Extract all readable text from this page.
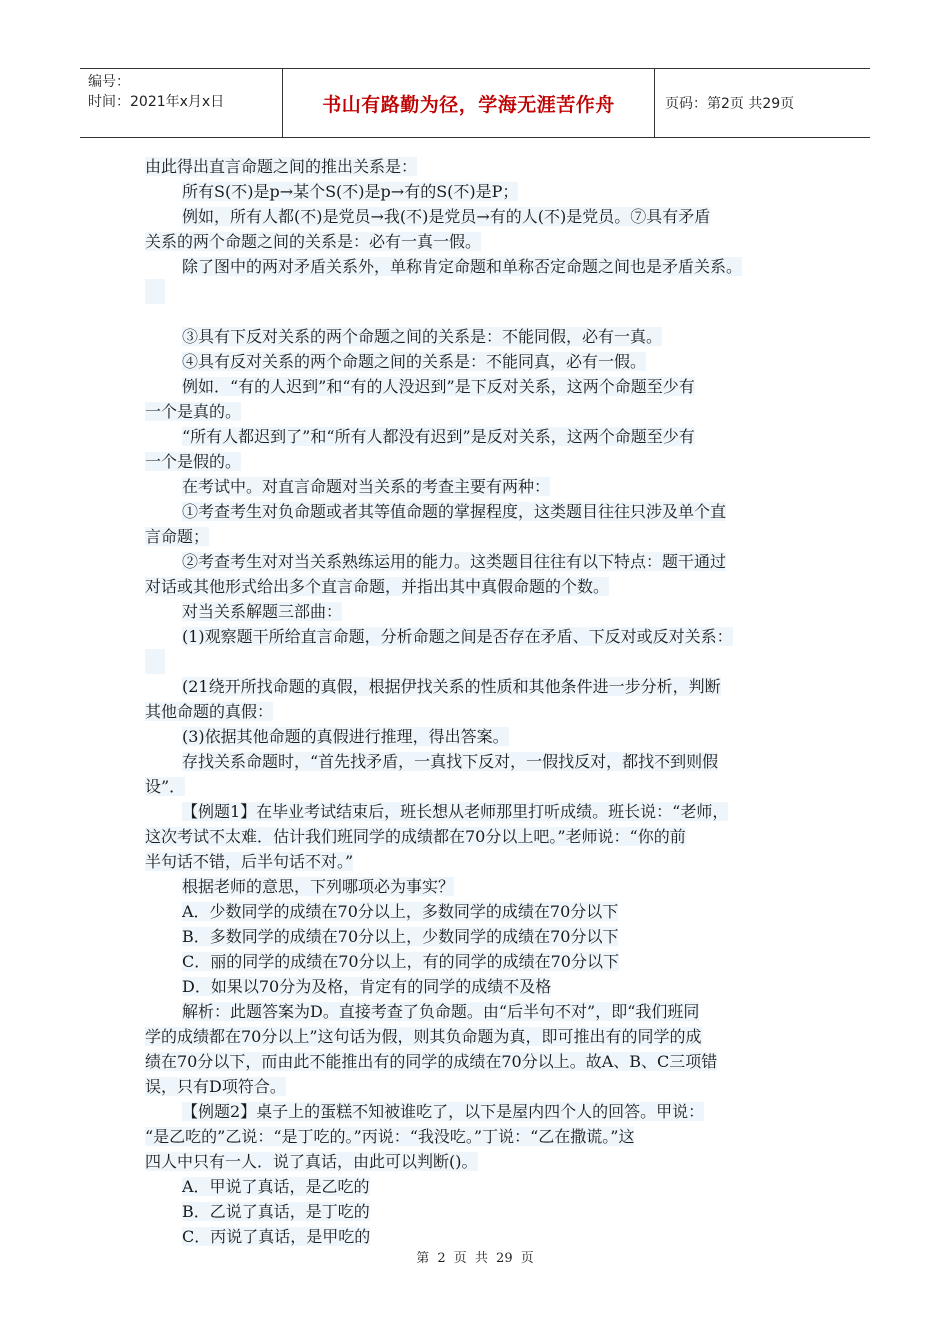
编号：
时间：2021年x月x日	书山有路勤为径，学海无涯苦作舟	页码：第2页 共29页
由此得出直言命题之间的推出关系是：
所有S(不)是p→某个S(不)是p→有的S(不)是P；
例如，所有人都(不)是党员→我(不)是党员→有的人(不)是党员。⑦具有矛盾
关系的两个命题之间的关系是：必有一真一假。
除了图中的两对矛盾关系外，单称肯定命题和单称否定命题之间也是矛盾关系。
③具有下反对关系的两个命题之间的关系是：不能同假，必有一真。
④具有反对关系的两个命题之间的关系是：不能同真，必有一假。
例如．“有的人迟到”和“有的人没迟到”是下反对关系，这两个命题至少有
一个是真的。
“所有人都迟到了”和“所有人都没有迟到”是反对关系，这两个命题至少有
一个是假的。
在考试中。对直言命题对当关系的考查主要有两种：
①考查考生对负命题或者其等值命题的掌握程度，这类题目往往只涉及单个直
言命题；
②考查考生对对当关系熟练运用的能力。这类题目往往有以下特点：题干通过
对话或其他形式给出多个直言命题，并指出其中真假命题的个数。
对当关系解题三部曲：
(1)观察题干所给直言命题，分析命题之间是否存在矛盾、下反对或反对关系：
(21绕开所找命题的真假，根据伊找关系的性质和其他条件进一步分析，判断
其他命题的真假：
(3)依据其他命题的真假进行推理，得出答案。
存找关系命题时，“首先找矛盾，一真找下反对，一假找反对，都找不到则假
设”．
【例题1】在毕业考试结束后，班长想从老师那里打听成绩。班长说：“老师，
这次考试不太难．估计我们班同学的成绩都在70分以上吧。”老师说：“你的前
半句话不错，后半句话不对。”
根据老师的意思，下列哪项必为事实？
A．少数同学的成绩在70分以上，多数同学的成绩在70分以下
B．多数同学的成绩在70分以上，少数同学的成绩在70分以下
C．丽的同学的成绩在70分以上，有的同学的成绩在70分以下
D．如果以70分为及格，肯定有的同学的成绩不及格
解析：此题答案为D。直接考查了负命题。由“后半句不对”，即“我们班同
学的成绩都在70分以上”这句话为假，则其负命题为真，即可推出有的同学的成
绩在70分以下，而由此不能推出有的同学的成绩在70分以上。故A、B、C三项错
误，只有D项符合。
【例题2】桌子上的蛋糕不知被谁吃了，以下是屋内四个人的回答。甲说：
“是乙吃的”乙说：“是丁吃的。”丙说：“我没吃。”丁说：“乙在撒谎。”这
四人中只有一人．说了真话，由此可以判断()。
A．甲说了真话，是乙吃的
B．乙说了真话，是丁吃的
C．丙说了真话，是甲吃的
第 2 页 共 29 页
